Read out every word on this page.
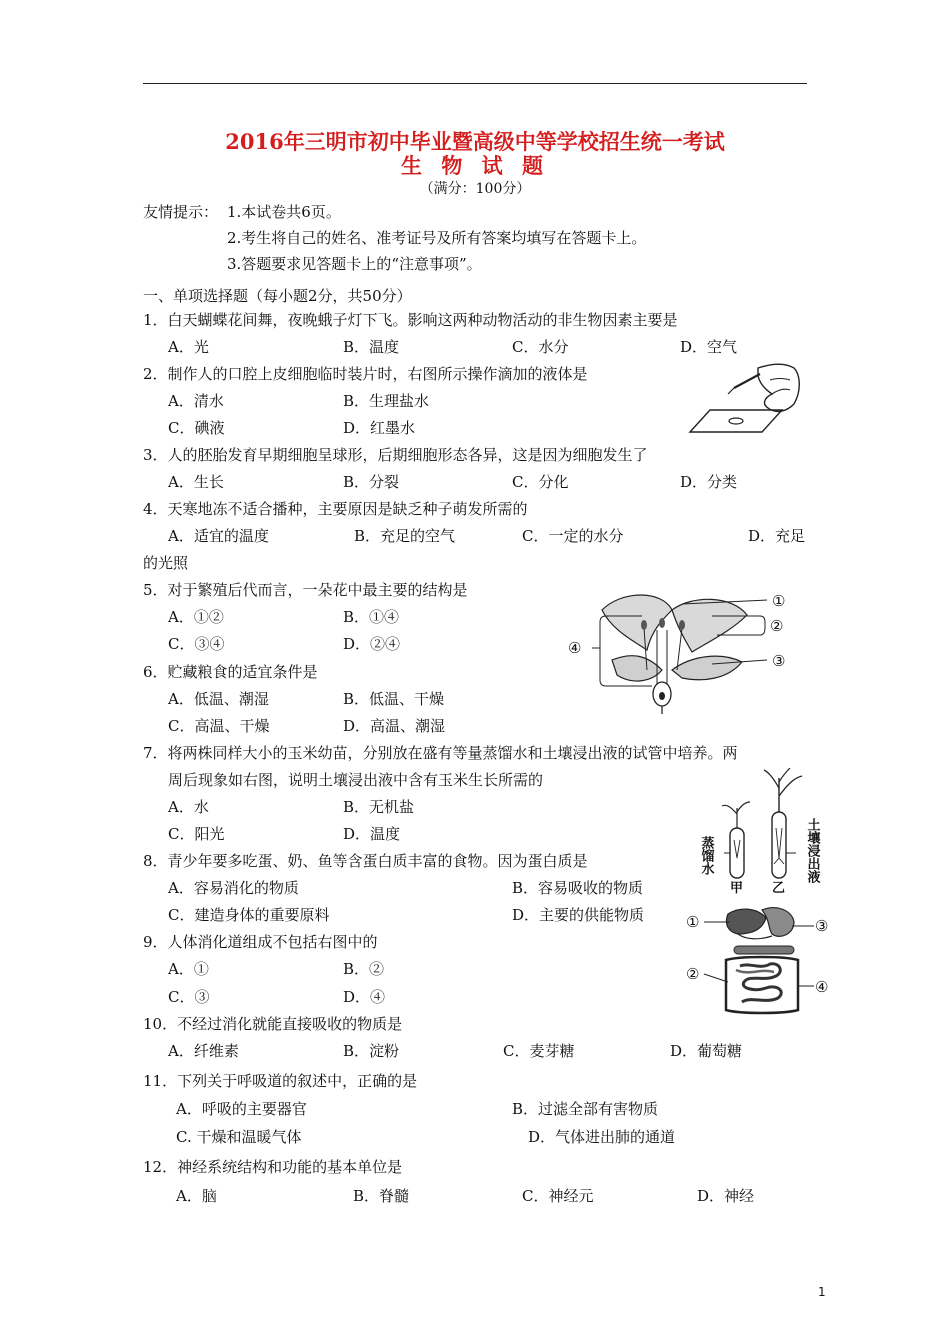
2016年三明市初中毕业暨高级中等学校招生统一考试
生 物 试 题
（满分：100分）
友情提示： 1.本试卷共6页。
2.考生将自己的姓名、准考证号及所有答案均填写在答题卡上。
3.答题要求见答题卡上的“注意事项”。
一、单项选择题（每小题2分，共50分）
1．白天蝴蝶花间舞，夜晚蛾子灯下飞。影响这两种动物活动的非生物因素主要是
A．光	B．温度	C．水分	D．空气
2．制作人的口腔上皮细胞临时装片时，右图所示操作滴加的液体是
A．清水	B．生理盐水
C．碘液	D．红墨水
3．人的胚胎发育早期细胞呈球形，后期细胞形态各异，这是因为细胞发生了
A．生长	B．分裂	C．分化	D．分类
4．天寒地冻不适合播种，主要原因是缺乏种子萌发所需的
A．适宜的温度	B．充足的空气	C．一定的水分	D．充足
的光照
5．对于繁殖后代而言，一朵花中最主要的结构是
A．①②	B．①④
C．③④	D．②④
6．贮藏粮食的适宜条件是
A．低温、潮湿	B．低温、干燥
C．高温、干燥	D．高温、潮湿
7．将两株同样大小的玉米幼苗，分别放在盛有等量蒸馏水和土壤浸出液的试管中培养。两
周后现象如右图，说明土壤浸出液中含有玉米生长所需的
A．水	B．无机盐
C．阳光	D．温度
8．青少年要多吃蛋、奶、鱼等含蛋白质丰富的食物。因为蛋白质是
A．容易消化的物质	B．容易吸收的物质
C．建造身体的重要原料	D．主要的供能物质
9．人体消化道组成不包括右图中的
A．①	B．②
C．③	D．④
10．不经过消化就能直接吸收的物质是
A．纤维素	B．淀粉	C．麦芽糖	D．葡萄糖
11．下列关于呼吸道的叙述中，正确的是
A．呼吸的主要器官	B．过滤全部有害物质
C. 干燥和温暖气体	D．气体进出肺的通道
12．神经系统结构和功能的基本单位是
A．脑	B．脊髓	C．神经元	D．神经
①
②
③
④
蒸馏水	土壤浸出液
甲 乙
①
②
③
④
1
